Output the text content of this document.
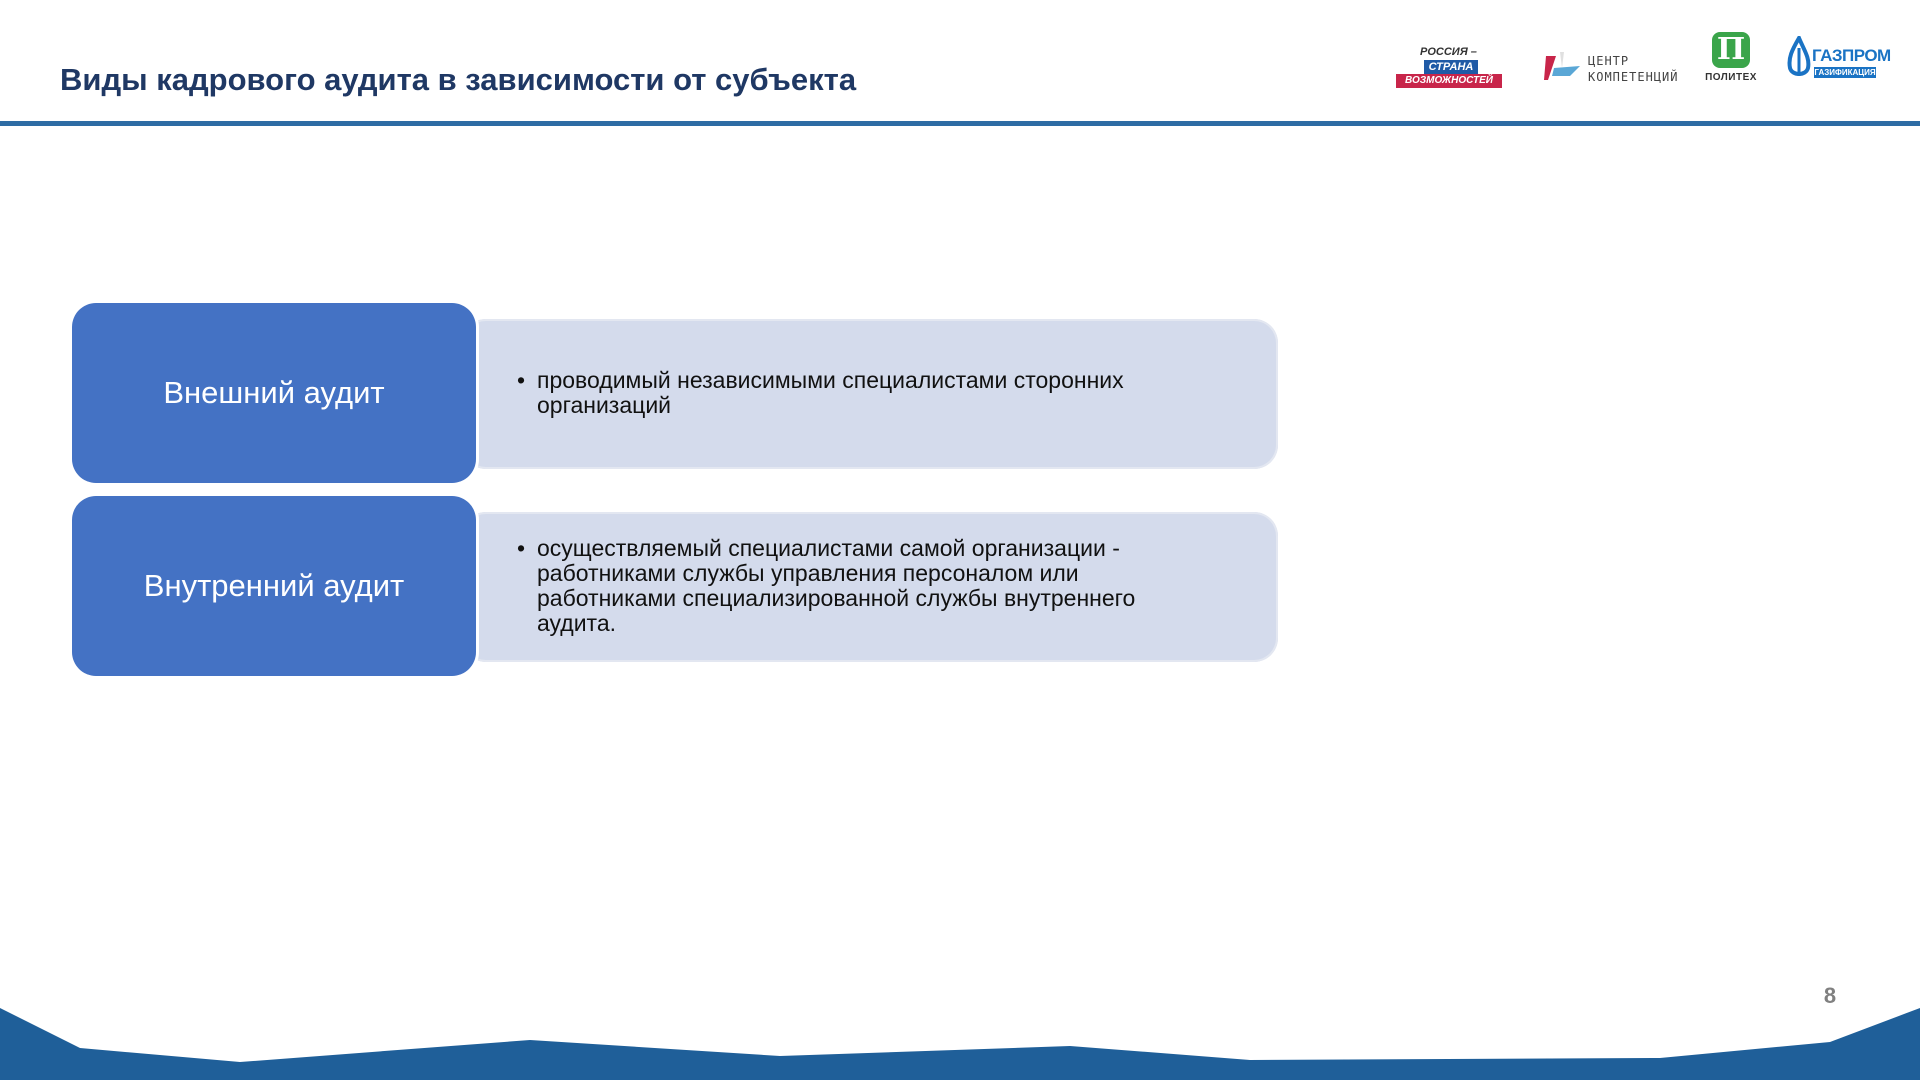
Виды кадрового аудита в зависимости от субъекта
РОССИЯ –
СТРАНА
ВОЗМОЖНОСТЕЙ
ЦЕНТР
КОМПЕТЕНЦИЙ
П
ПОЛИТЕХ
ГАЗПРОМ
ГАЗИФИКАЦИЯ
Внешний аудит
•	проводимый независимыми специалистами сторонних организаций
Внутренний аудит
• осуществляемый специалистами самой организации - работниками службы управления персоналом или работниками специализированной службы внутреннего аудита.
8
